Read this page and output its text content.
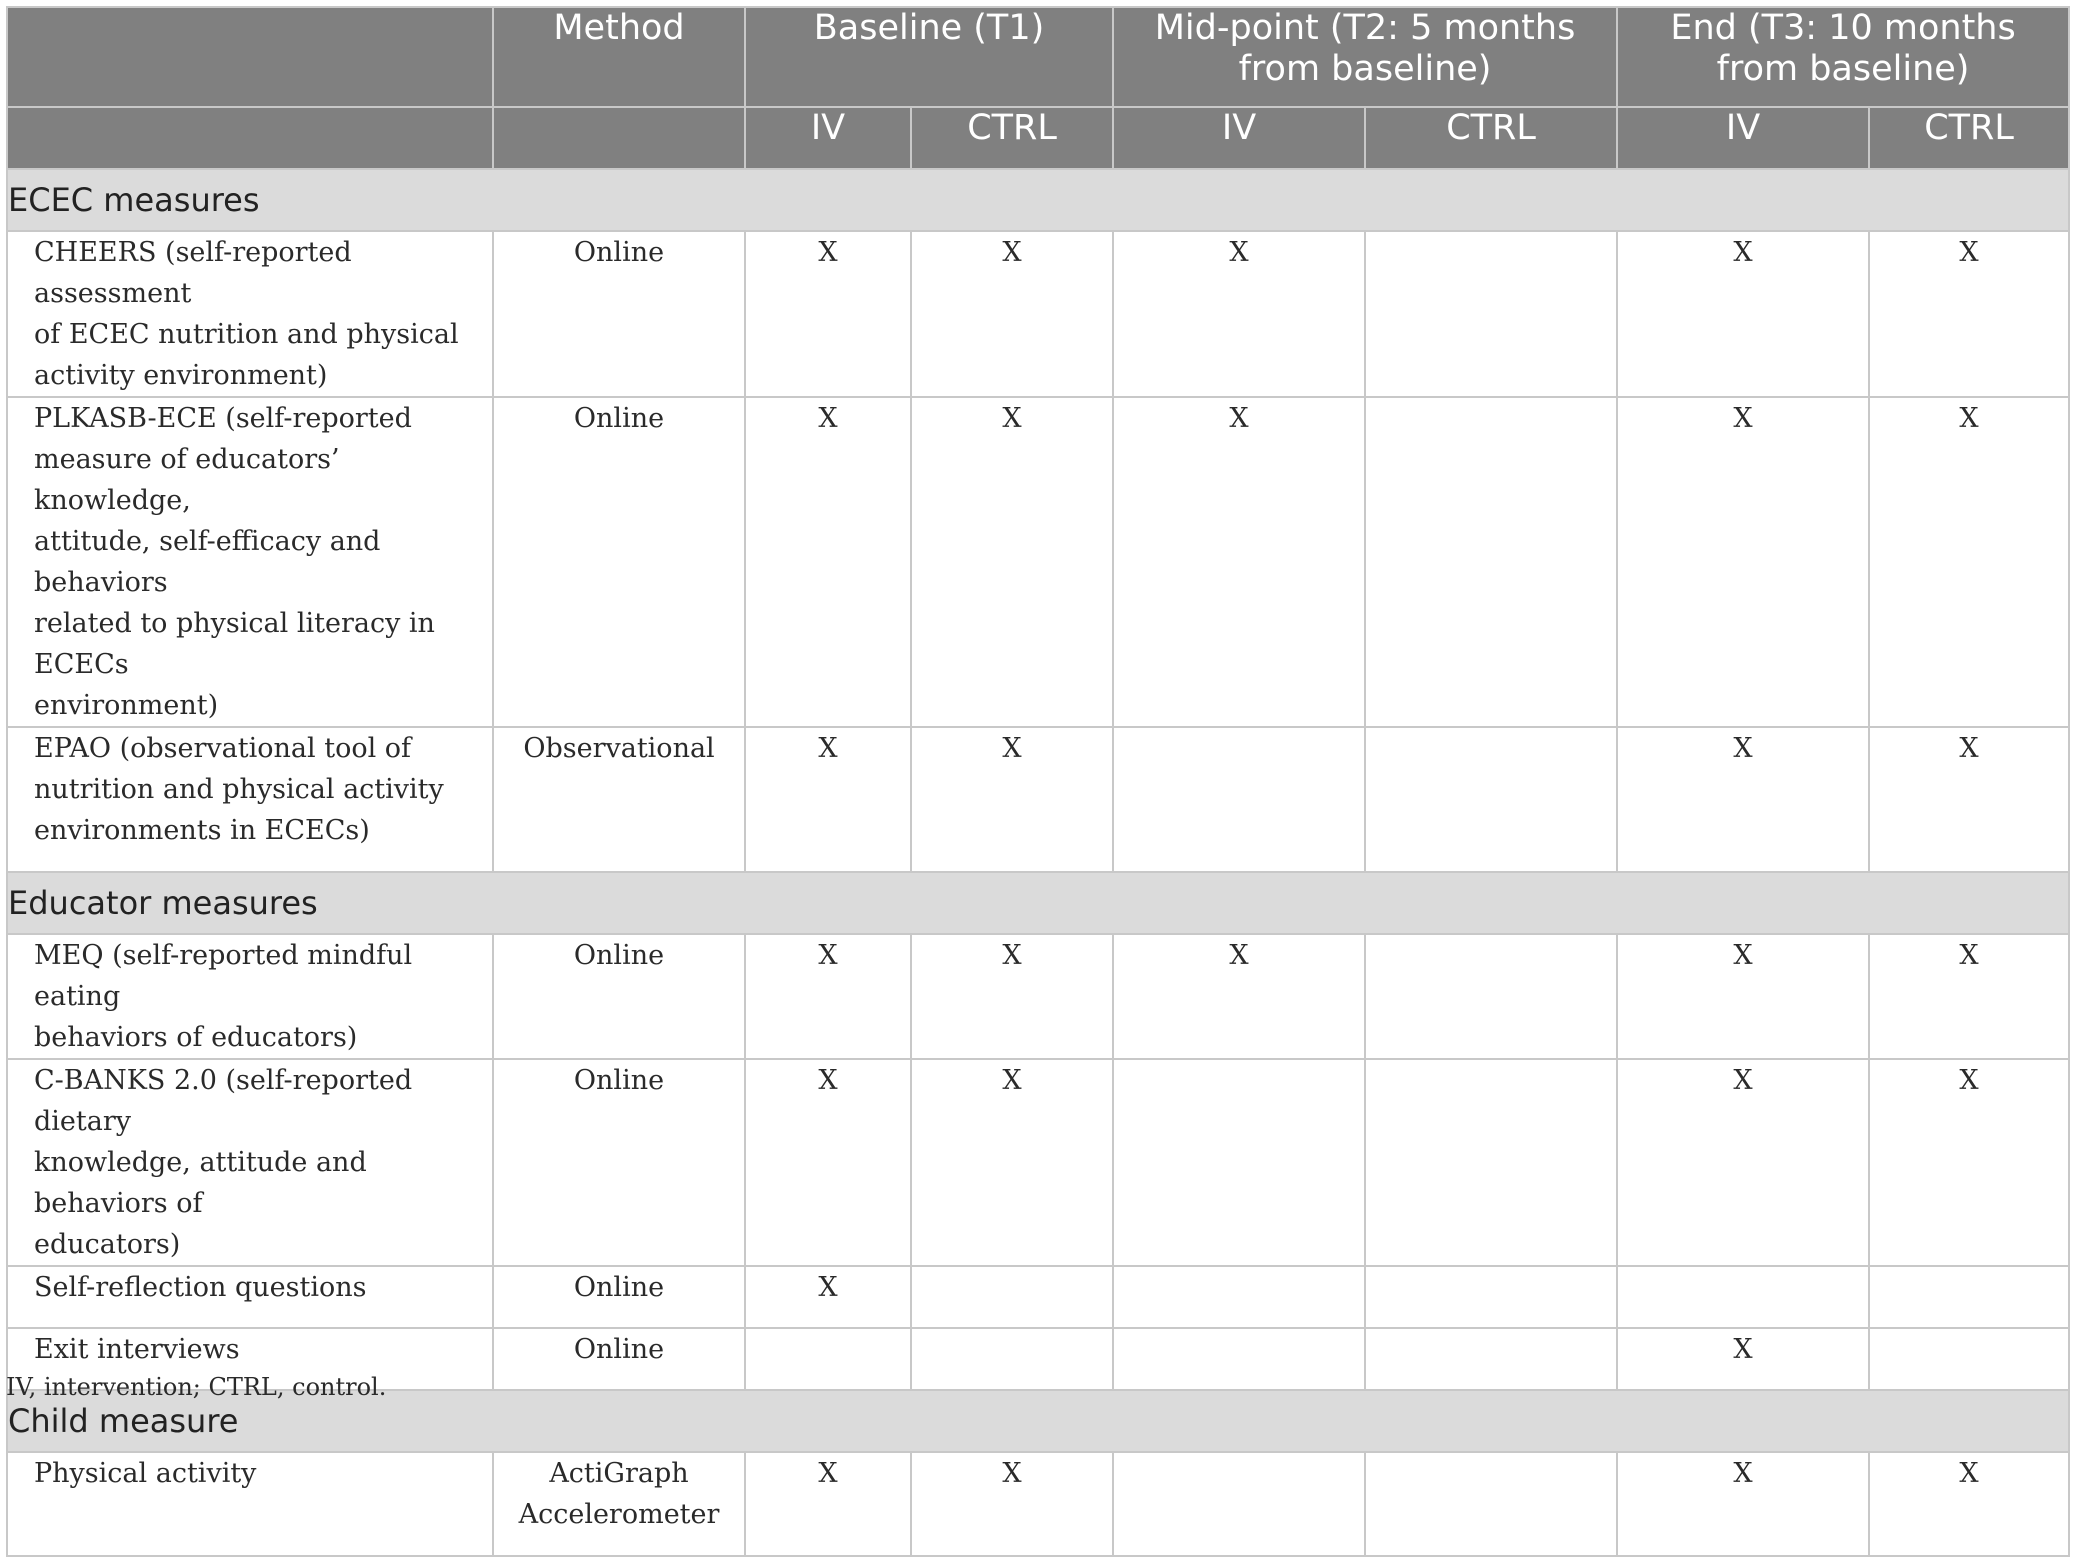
	Method	Baseline (T1)		Mid-point (T2: 5 months
from baseline)		End (T3: 10 months
from baseline)	
		IV	CTRL	IV	CTRL	IV	CTRL
ECEC measures							
CHEERS (self-reported assessment
of ECEC nutrition and physical
activity environment)	Online	X	X	X		X	X
PLKASB-ECE (self-reported
measure of educators’ knowledge,
attitude, self-efficacy and behaviors
related to physical literacy in ECECs
environment)	Online	X	X	X		X	X
EPAO (observational tool of
nutrition and physical activity
environments in ECECs)	Observational	X	X			X	X
Educator measures							
MEQ (self-reported mindful eating
behaviors of educators)	Online	X	X	X		X	X
C-BANKS 2.0 (self-reported dietary
knowledge, attitude and behaviors of
educators)	Online	X	X			X	X
Self-reflection questions	Online	X					
Exit interviews	Online					X	
Child measure							
Physical activity	ActiGraph
Accelerometer	X	X			X	X
IV, intervention; CTRL, control.
